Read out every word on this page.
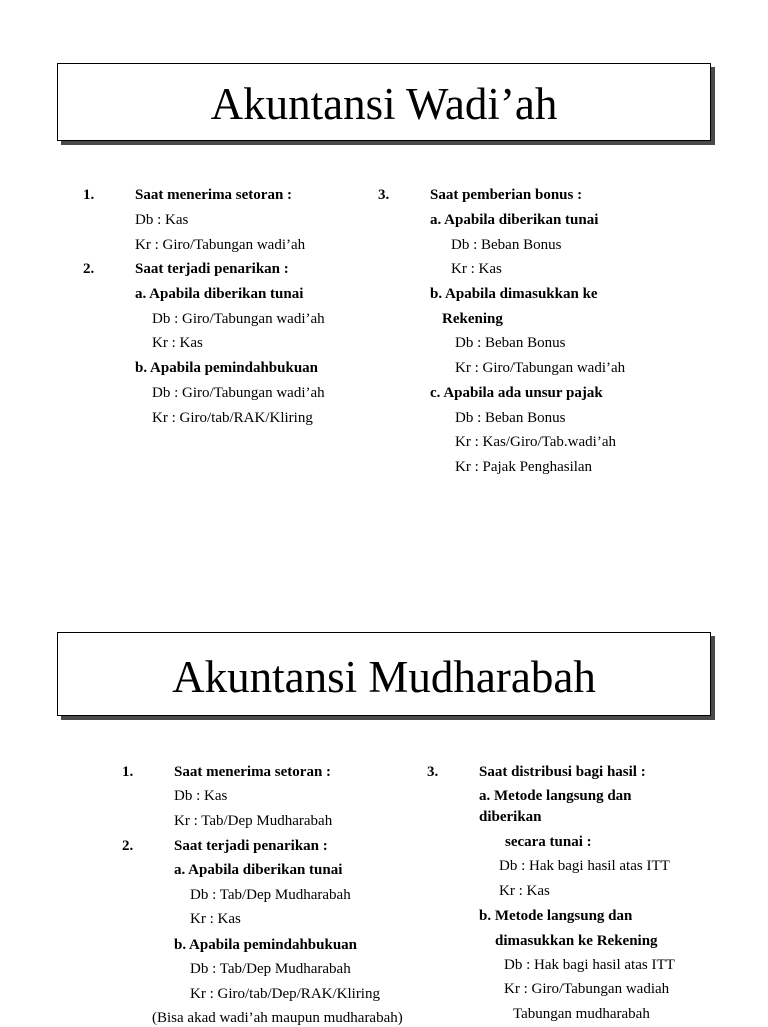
Akuntansi Wadi’ah
1.	Saat menerima setoran :
Db : Kas
Kr : Giro/Tabungan wadi’ah
2.	Saat terjadi penarikan :
a. Apabila diberikan tunai
Db : Giro/Tabungan wadi’ah
Kr : Kas
b. Apabila pemindahbukuan
Db : Giro/Tabungan wadi’ah
Kr : Giro/tab/RAK/Kliring
3.	Saat pemberian bonus :
a. Apabila diberikan tunai
Db : Beban Bonus
Kr : Kas
b. Apabila dimasukkan ke
Rekening
Db : Beban Bonus
Kr : Giro/Tabungan wadi’ah
c. Apabila ada unsur pajak
Db : Beban Bonus
Kr : Kas/Giro/Tab.wadi’ah
Kr : Pajak Penghasilan
Akuntansi Mudharabah
1.	Saat menerima setoran :
Db : Kas
Kr : Tab/Dep Mudharabah
2.	Saat terjadi penarikan :
a. Apabila diberikan tunai
Db : Tab/Dep Mudharabah
Kr : Kas
b. Apabila pemindahbukuan
Db : Tab/Dep Mudharabah
Kr : Giro/tab/Dep/RAK/Kliring
(Bisa akad wadi’ah maupun mudharabah)
3.	Saat distribusi bagi hasil :
a. Metode langsung dan
diberikan
secara tunai :
Db : Hak bagi hasil atas ITT
Kr : Kas
b. Metode langsung dan
dimasukkan ke Rekening
Db : Hak bagi hasil atas ITT
Kr : Giro/Tabungan wadiah
Tabungan mudharabah
